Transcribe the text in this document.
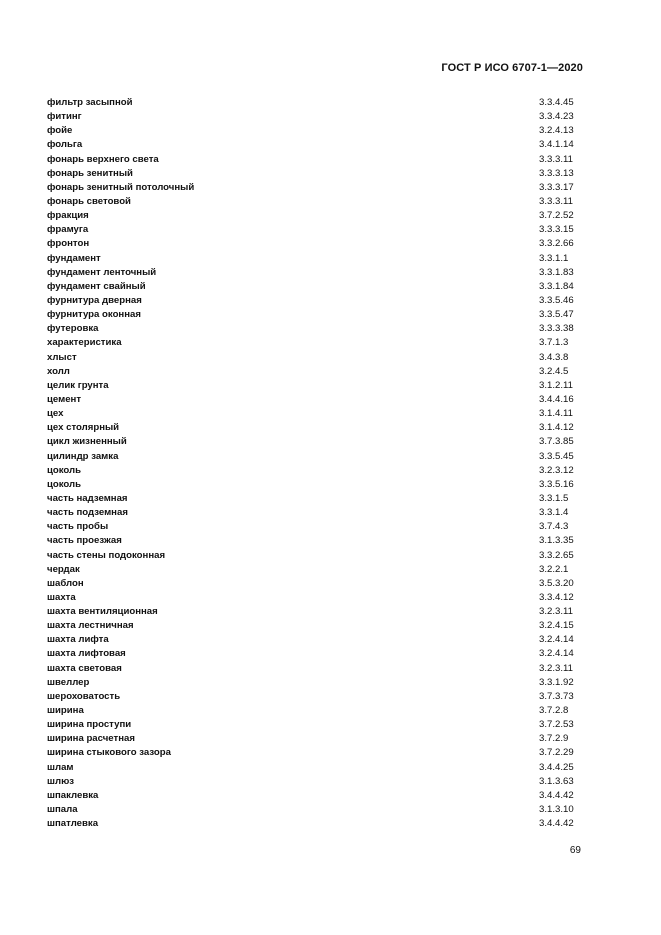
ГОСТ Р ИСО 6707-1—2020
фильтр засыпной	3.3.4.45
фитинг	3.3.4.23
фойе	3.2.4.13
фольга	3.4.1.14
фонарь верхнего света	3.3.3.11
фонарь зенитный	3.3.3.13
фонарь зенитный потолочный	3.3.3.17
фонарь световой	3.3.3.11
фракция	3.7.2.52
фрамуга	3.3.3.15
фронтон	3.3.2.66
фундамент	3.3.1.1
фундамент ленточный	3.3.1.83
фундамент свайный	3.3.1.84
фурнитура дверная	3.3.5.46
фурнитура оконная	3.3.5.47
футеровка	3.3.3.38
характеристика	3.7.1.3
хлыст	3.4.3.8
холл	3.2.4.5
целик грунта	3.1.2.11
цемент	3.4.4.16
цех	3.1.4.11
цех столярный	3.1.4.12
цикл жизненный	3.7.3.85
цилиндр замка	3.3.5.45
цоколь	3.2.3.12
цоколь	3.3.5.16
часть надземная	3.3.1.5
часть подземная	3.3.1.4
часть пробы	3.7.4.3
часть проезжая	3.1.3.35
часть стены подоконная	3.3.2.65
чердак	3.2.2.1
шаблон	3.5.3.20
шахта	3.3.4.12
шахта вентиляционная	3.2.3.11
шахта лестничная	3.2.4.15
шахта лифта	3.2.4.14
шахта лифтовая	3.2.4.14
шахта световая	3.2.3.11
швеллер	3.3.1.92
шероховатость	3.7.3.73
ширина	3.7.2.8
ширина проступи	3.7.2.53
ширина расчетная	3.7.2.9
ширина стыкового зазора	3.7.2.29
шлам	3.4.4.25
шлюз	3.1.3.63
шпаклевка	3.4.4.42
шпала	3.1.3.10
шпатлевка	3.4.4.42
69
